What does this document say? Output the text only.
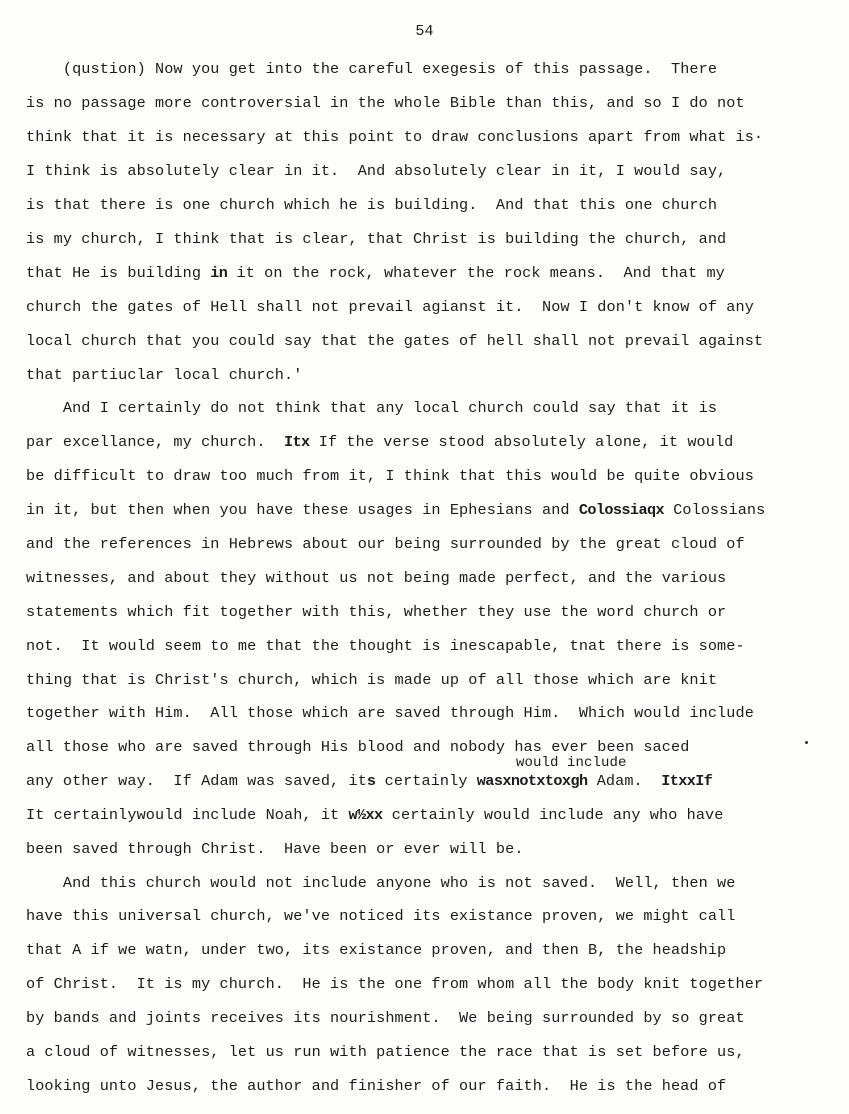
54
(qustion) Now you get into the careful exegesis of this passage.  There
is no passage more controversial in the whole Bible than this, and so I do not
think that it is necessary at this point to draw conclusions apart from what is·
I think is absolutely clear in it.  And absolutely clear in it, I would say,
is that there is one church which he is building.  And that this one church
is my church, I think that is clear, that Christ is building the church, and
that He is building in it on the rock, whatever the rock means.  And that my
church the gates of Hell shall not prevail agianst it.  Now I don't know of any
local church that you could say that the gates of hell shall not prevail against
that partiuclar local church.'
And I certainly do not think that any local church could say that it is
par excellance, my church.  Itx If the verse stood absolutely alone, it would
be difficult to draw too much from it, I think that this would be quite obvious
in it, but then when you have these usages in Ephesians and Colossiaqx Colossians
and the references in Hebrews about our being surrounded by the great cloud of
witnesses, and about they without us not being made perfect, and the various
statements which fit together with this, whether they use the word church or
not.  It would seem to me that the thought is inescapable, tnat there is some-
thing that is Christ's church, which is made up of all those which are knit
together with Him.  All those which are saved through Him.  Which would include
all those who are saved through His blood and nobody has ever been saced
would include
any other way.  If Adam was saved, its certainly wasxnotxtoxgh Adam.  ItxxIf
It certainlywould include Noah, it w½xx certainly would include any who have
been saved through Christ.  Have been or ever will be.
And this church would not include anyone who is not saved.  Well, then we
have this universal church, we've noticed its existance proven, we might call
that A if we watn, under two, its existance proven, and then B, the headship
of Christ.  It is my church.  He is the one from whom all the body knit together
by bands and joints receives its nourishment.  We being surrounded by so great
a cloud of witnesses, let us run with patience the race that is set before us,
looking unto Jesus, the author and finisher of our faith.  He is the head of
